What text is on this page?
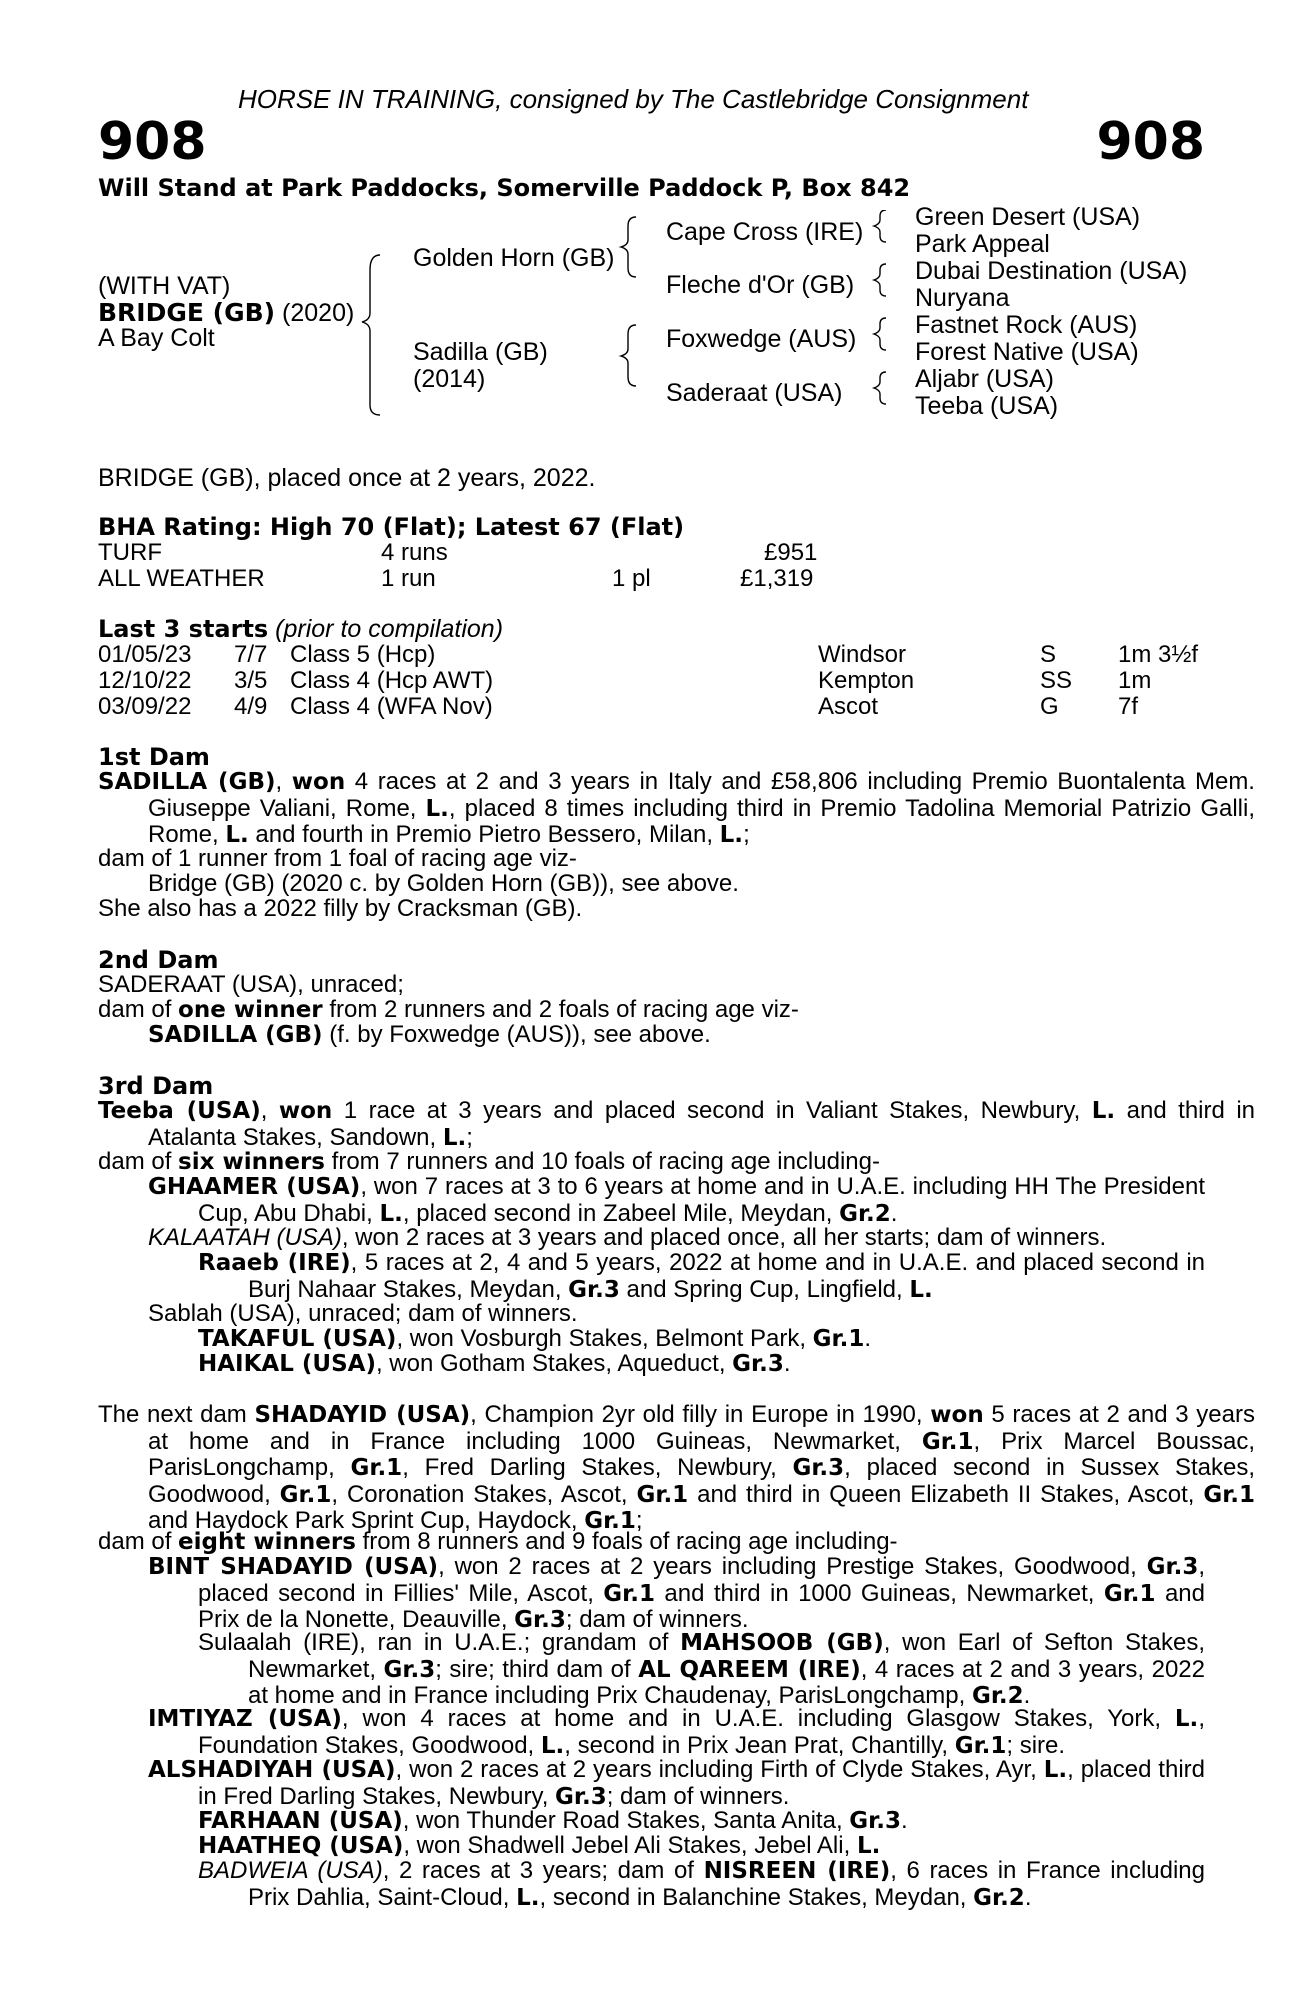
HORSE IN TRAINING, consigned by The Castlebridge Consignment
908	908
Will Stand at Park Paddocks, Somerville Paddock P, Box 842
(WITH VAT)
BRIDGE (GB) (2020)
A Bay Colt
Golden Horn (GB)
Sadilla (GB)
(2014)
Cape Cross (IRE)
Fleche d'Or (GB)
Foxwedge (AUS)
Saderaat (USA)
Green Desert (USA)
Park Appeal
Dubai Destination (USA)
Nuryana
Fastnet Rock (AUS)
Forest Native (USA)
Aljabr (USA)
Teeba (USA)
BRIDGE (GB), placed once at 2 years, 2022.
BHA Rating: High 70 (Flat); Latest 67 (Flat)
TURF	4 runs	£951
ALL WEATHER	1 run	1 pl	£1,319
Last 3 starts (prior to compilation)
01/05/23 7/7 Class 5 (Hcp)	Windsor	S	1m 3½f
12/10/22 3/5 Class 4 (Hcp AWT)	Kempton	SS 1m
03/09/22 4/9 Class 4 (WFA Nov)	Ascot	G 7f
1st Dam
SADILLA (GB), won 4 races at 2 and 3 years in Italy and £58,806 including Premio Buontalenta Mem. Giuseppe Valiani, Rome, L., placed 8 times including third in Premio Tadolina Memorial Patrizio Galli, Rome, L. and fourth in Premio Pietro Bessero, Milan, L.;
dam of 1 runner from 1 foal of racing age viz-
Bridge (GB) (2020 c. by Golden Horn (GB)), see above.
She also has a 2022 filly by Cracksman (GB).
2nd Dam
SADERAAT (USA), unraced;
dam of one winner from 2 runners and 2 foals of racing age viz-
SADILLA (GB) (f. by Foxwedge (AUS)), see above.
3rd Dam
Teeba (USA), won 1 race at 3 years and placed second in Valiant Stakes, Newbury, L. and third in Atalanta Stakes, Sandown, L.;
dam of six winners from 7 runners and 10 foals of racing age including-
GHAAMER (USA), won 7 races at 3 to 6 years at home and in U.A.E. including HH The President Cup, Abu Dhabi, L., placed second in Zabeel Mile, Meydan, Gr.2.
KALAATAH (USA), won 2 races at 3 years and placed once, all her starts; dam of winners.
Raaeb (IRE), 5 races at 2, 4 and 5 years, 2022 at home and in U.A.E. and placed second in Burj Nahaar Stakes, Meydan, Gr.3 and Spring Cup, Lingfield, L.
Sablah (USA), unraced; dam of winners.
TAKAFUL (USA), won Vosburgh Stakes, Belmont Park, Gr.1.
HAIKAL (USA), won Gotham Stakes, Aqueduct, Gr.3.
The next dam SHADAYID (USA), Champion 2yr old filly in Europe in 1990, won 5 races at 2 and 3 years at home and in France including 1000 Guineas, Newmarket, Gr.1, Prix Marcel Boussac, ParisLongchamp, Gr.1, Fred Darling Stakes, Newbury, Gr.3, placed second in Sussex Stakes, Goodwood, Gr.1, Coronation Stakes, Ascot, Gr.1 and third in Queen Elizabeth II Stakes, Ascot, Gr.1 and Haydock Park Sprint Cup, Haydock, Gr.1;
dam of eight winners from 8 runners and 9 foals of racing age including-
BINT SHADAYID (USA), won 2 races at 2 years including Prestige Stakes, Goodwood, Gr.3, placed second in Fillies' Mile, Ascot, Gr.1 and third in 1000 Guineas, Newmarket, Gr.1 and Prix de la Nonette, Deauville, Gr.3; dam of winners.
Sulaalah (IRE), ran in U.A.E.; grandam of MAHSOOB (GB), won Earl of Sefton Stakes, Newmarket, Gr.3; sire; third dam of AL QAREEM (IRE), 4 races at 2 and 3 years, 2022 at home and in France including Prix Chaudenay, ParisLongchamp, Gr.2.
IMTIYAZ (USA), won 4 races at home and in U.A.E. including Glasgow Stakes, York, L., Foundation Stakes, Goodwood, L., second in Prix Jean Prat, Chantilly, Gr.1; sire.
ALSHADIYAH (USA), won 2 races at 2 years including Firth of Clyde Stakes, Ayr, L., placed third in Fred Darling Stakes, Newbury, Gr.3; dam of winners.
FARHAAN (USA), won Thunder Road Stakes, Santa Anita, Gr.3.
HAATHEQ (USA), won Shadwell Jebel Ali Stakes, Jebel Ali, L.
BADWEIA (USA), 2 races at 3 years; dam of NISREEN (IRE), 6 races in France including Prix Dahlia, Saint-Cloud, L., second in Balanchine Stakes, Meydan, Gr.2.
